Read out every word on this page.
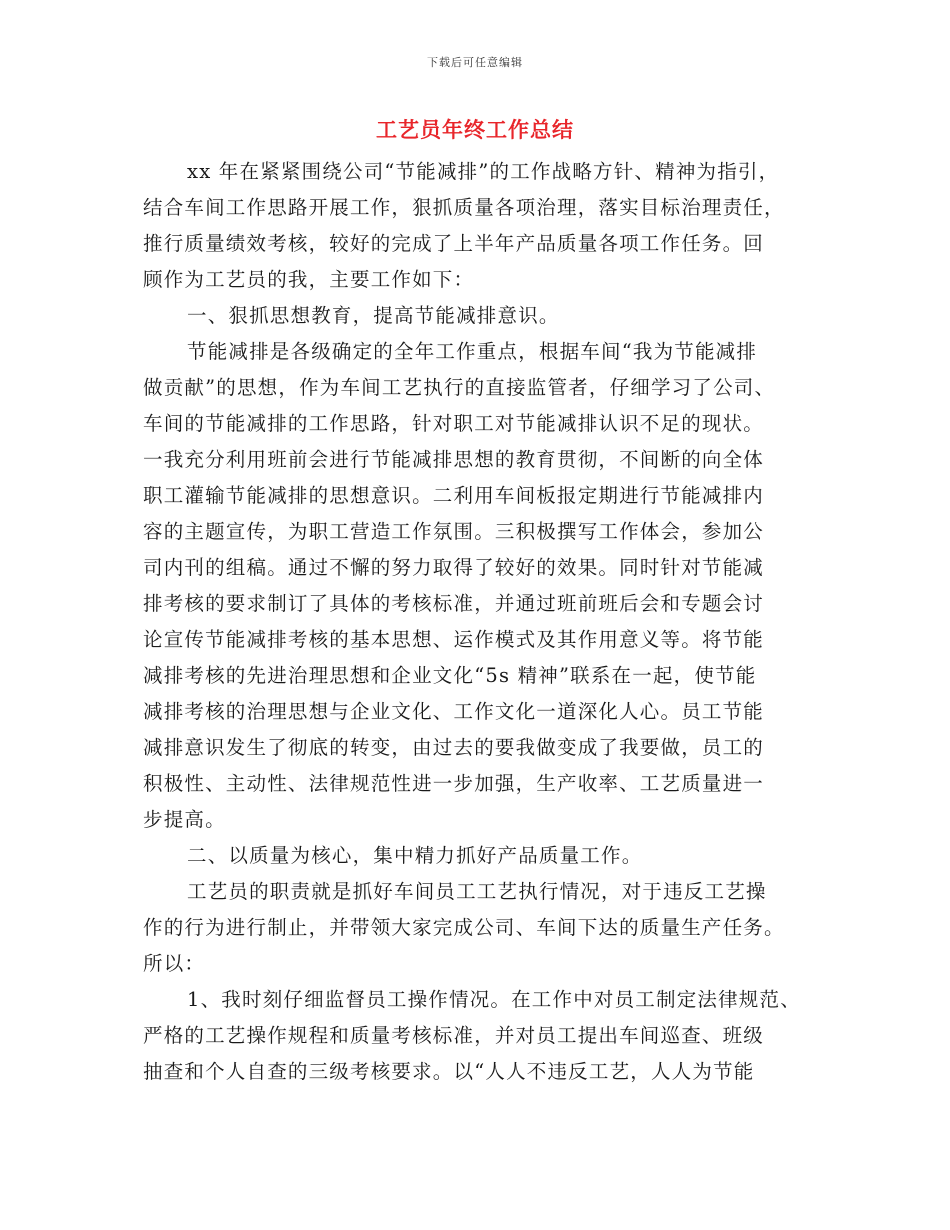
下载后可任意编辑
工艺员年终工作总结
xx 年在紧紧围绕公司“节能减排”的工作战略方针、精神为指引，
结合车间工作思路开展工作，狠抓质量各项治理，落实目标治理责任，
推行质量绩效考核，较好的完成了上半年产品质量各项工作任务。回
顾作为工艺员的我，主要工作如下：
一、狠抓思想教育，提高节能减排意识。
节能减排是各级确定的全年工作重点，根据车间“我为节能减排
做贡献”的思想，作为车间工艺执行的直接监管者，仔细学习了公司、
车间的节能减排的工作思路，针对职工对节能减排认识不足的现状。
一我充分利用班前会进行节能减排思想的教育贯彻，不间断的向全体
职工灌输节能减排的思想意识。二利用车间板报定期进行节能减排内
容的主题宣传，为职工营造工作氛围。三积极撰写工作体会，参加公
司内刊的组稿。通过不懈的努力取得了较好的效果。同时针对节能减
排考核的要求制订了具体的考核标准，并通过班前班后会和专题会讨
论宣传节能减排考核的基本思想、运作模式及其作用意义等。将节能
减排考核的先进治理思想和企业文化“5s 精神”联系在一起，使节能
减排考核的治理思想与企业文化、工作文化一道深化人心。员工节能
减排意识发生了彻底的转变，由过去的要我做变成了我要做，员工的
积极性、主动性、法律规范性进一步加强，生产收率、工艺质量进一
步提高。
二、以质量为核心，集中精力抓好产品质量工作。
工艺员的职责就是抓好车间员工工艺执行情况，对于违反工艺操
作的行为进行制止，并带领大家完成公司、车间下达的质量生产任务。
所以：
1、我时刻仔细监督员工操作情况。在工作中对员工制定法律规范、
严格的工艺操作规程和质量考核标准，并对员工提出车间巡查、班级
抽查和个人自查的三级考核要求。以“人人不违反工艺，人人为节能
